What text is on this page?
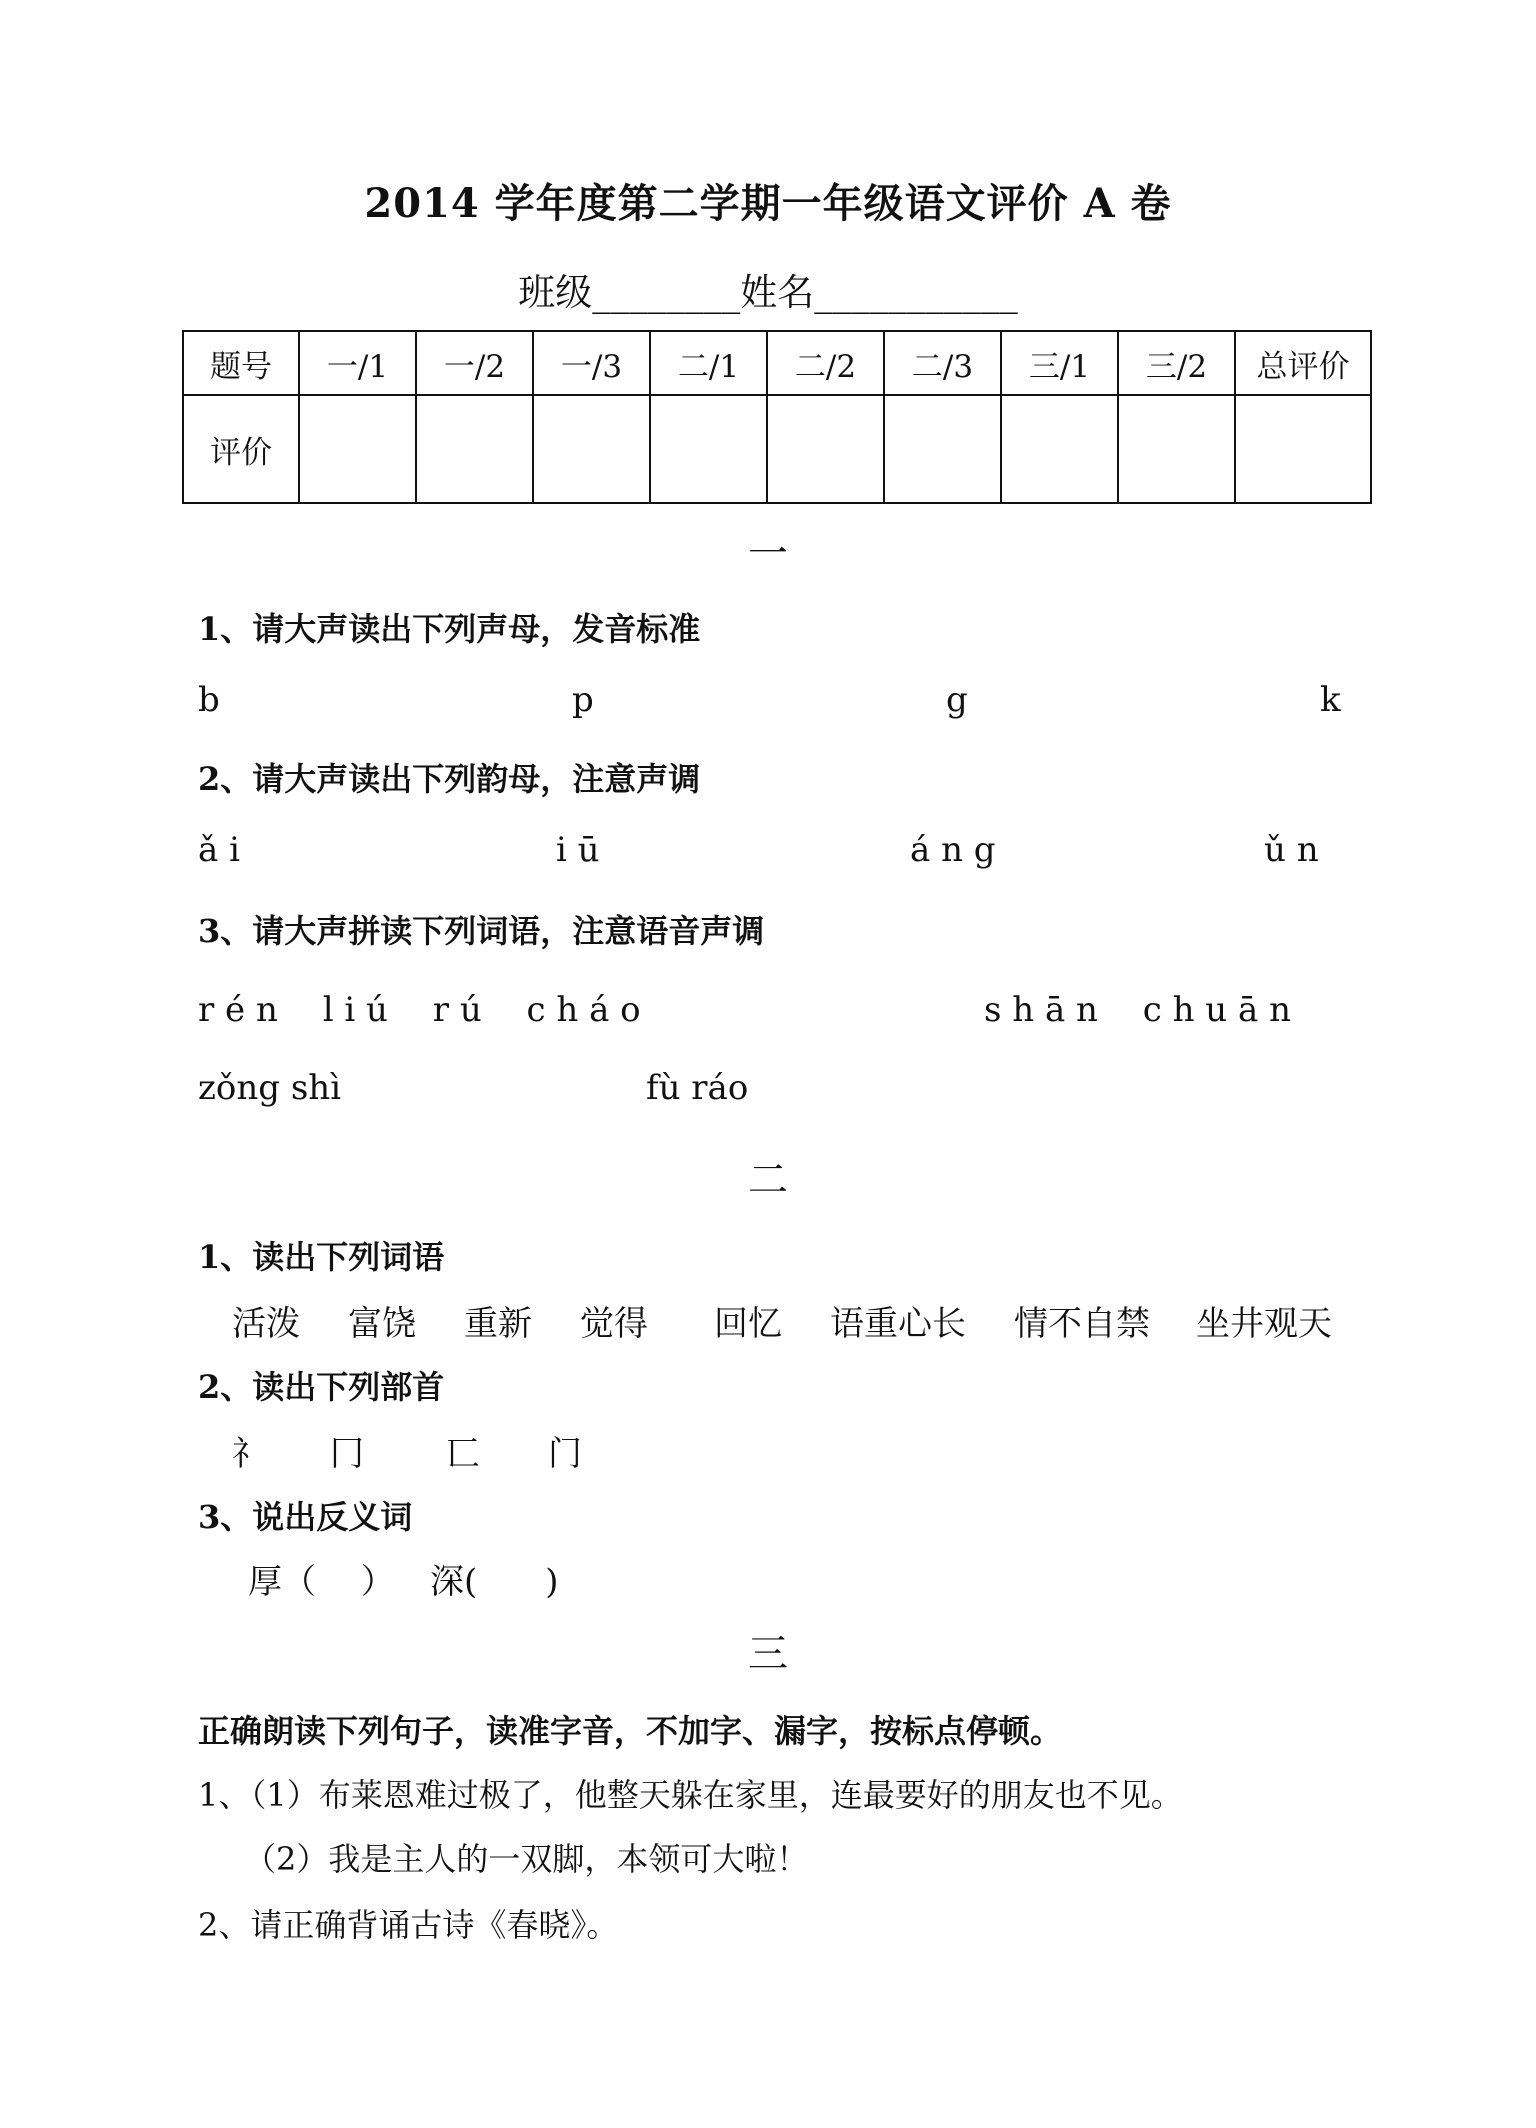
2014 学年度第二学期一年级语文评价 A 卷
班级________姓名___________
题号	一/1	一/2	一/3	二/1	二/2	二/3	三/1	三/2	总评价
评价									
一
1、请大声读出下列声母，发音标准
b	p	g	k
2、请大声读出下列韵母，注意声调
ǎ i	i ū	á n g	ǔ n
3、请大声拼读下列词语，注意语音声调
r é n　 l i ú 　r ú　 c h á o	s h ā n　 c h u ā n
zǒng shì	fù ráo
二
1、读出下列词语
活泼 富饶 重新 觉得 回忆 语重心长 情不自禁 坐井观天
2、读出下列部首
礻 冂 匸 门
3、说出反义词
厚（　 ） 深(　　)
三
正确朗读下列句子，读准字音，不加字、漏字，按标点停顿。
1、（1）布莱恩难过极了，他整天躲在家里，连最要好的朋友也不见。
（2）我是主人的一双脚，本领可大啦！
2、请正确背诵古诗《春晓》。
